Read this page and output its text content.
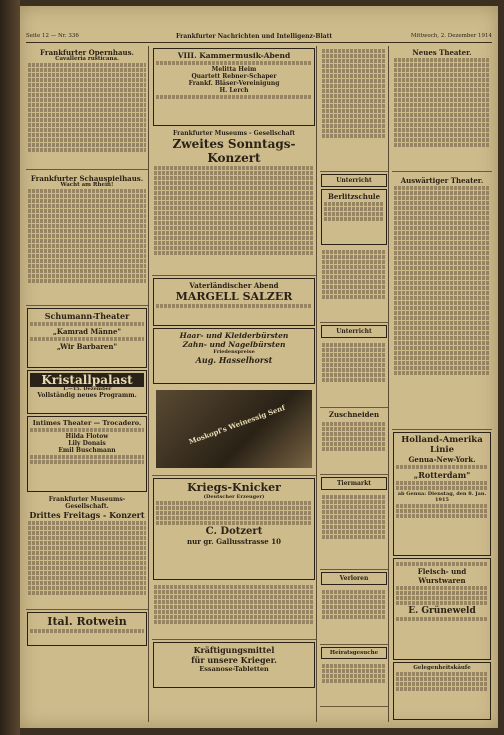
Seite 12 — Nr. 336	Frankfurter Nachrichten und Intelligenz-Blatt	Mittwoch, 2. Dezember 1914
Frankfurter Opernhaus.
Cavalleria rusticana.
Frankfurter Schauspielhaus.
Wacht am Rhein!
Schumann-Theater
„Kamrad Männe"
„Wir Barbaren"
Kristallpalast
1.—15. Dezember
Vollständig neues Programm.
Intimes Theater — Trocadero.
Hilda Flotow
Lily Donais
Emil Buschmann
Frankfurter Museums-Gesellschaft.
Drittes Freitags - Konzert
Ital. Rotwein
VIII. Kammermusik-Abend
Melitta Heim
Quartett Rebner-Schaper
Frankf. Bläser-Vereinigung
H. Lerch
Frankfurter Museums - Gesellschaft
Zweites Sonntags-Konzert
Vaterländischer Abend
MARGELL SALZER
Haar- und Kleiderbürsten
Zahn- und Nagelbürsten
Friedenspreise
Aug. Hasselhorst
Moskopf's Weinessig Senf
Kriegs-Knicker
(Deutscher Erzeuger)
C. Dotzert
nur gr. Gallusstrasse 10
Kräftigungsmittel
für unsere Krieger.
Essanose-Tabletten
Unterricht
Berlitzschule
Unterricht
Zuschneiden
Tiermarkt
Verloren
Heiratsgesuche
Neues Theater.
Auswärtiger Theater.
Holland-Amerika Linie
Genua-New-York.
„Rotterdam"
ab Genua: Dienstag, den 8. Jan. 1915
Fleisch- und Wurstwaren
E. Grüneweld
Gelegenheitskäufe
